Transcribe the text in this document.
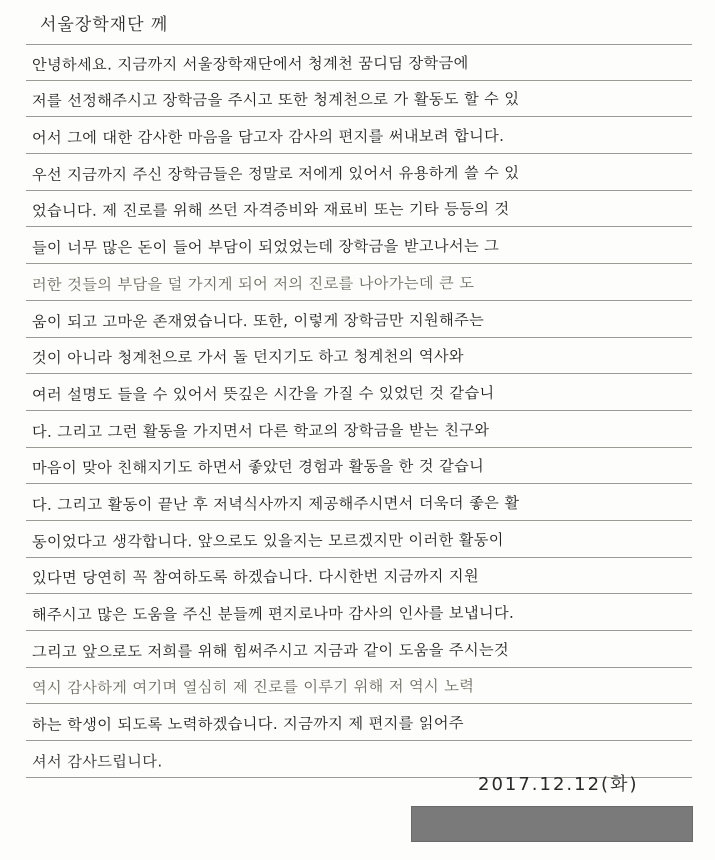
서울장학재단 께
안녕하세요. 지금까지 서울장학재단에서 청계천 꿈디딤 장학금에
저를 선정해주시고 장학금을 주시고 또한 청계천으로 가 활동도 할 수 있
어서 그에 대한 감사한 마음을 담고자 감사의 편지를 써내보려 합니다.
우선 지금까지 주신 장학금들은 정말로 저에게 있어서 유용하게 쓸 수 있
었습니다. 제 진로를 위해 쓰던 자격증비와 재료비 또는 기타 등등의 것
들이 너무 많은 돈이 들어 부담이 되었었는데 장학금을 받고나서는 그
러한 것들의 부담을 덜 가지게 되어 저의 진로를 나아가는데 큰 도
움이 되고 고마운 존재였습니다. 또한, 이렇게 장학금만 지원해주는
것이 아니라 청계천으로 가서 돌 던지기도 하고 청계천의 역사와
여러 설명도 들을 수 있어서 뜻깊은 시간을 가질 수 있었던 것 같습니
다. 그리고 그런 활동을 가지면서 다른 학교의 장학금을 받는 친구와
마음이 맞아 친해지기도 하면서 좋았던 경험과 활동을 한 것 같습니
다. 그리고 활동이 끝난 후 저녁식사까지 제공해주시면서 더욱더 좋은 활
동이었다고 생각합니다. 앞으로도 있을지는 모르겠지만 이러한 활동이
있다면 당연히 꼭 참여하도록 하겠습니다. 다시한번 지금까지 지원
해주시고 많은 도움을 주신 분들께 편지로나마 감사의 인사를 보냅니다.
그리고 앞으로도 저희를 위해 힘써주시고 지금과 같이 도움을 주시는것
역시 감사하게 여기며 열심히 제 진로를 이루기 위해 저 역시 노력
하는 학생이 되도록 노력하겠습니다. 지금까지 제 편지를 읽어주
셔서 감사드립니다.
2017.12.12(화)
